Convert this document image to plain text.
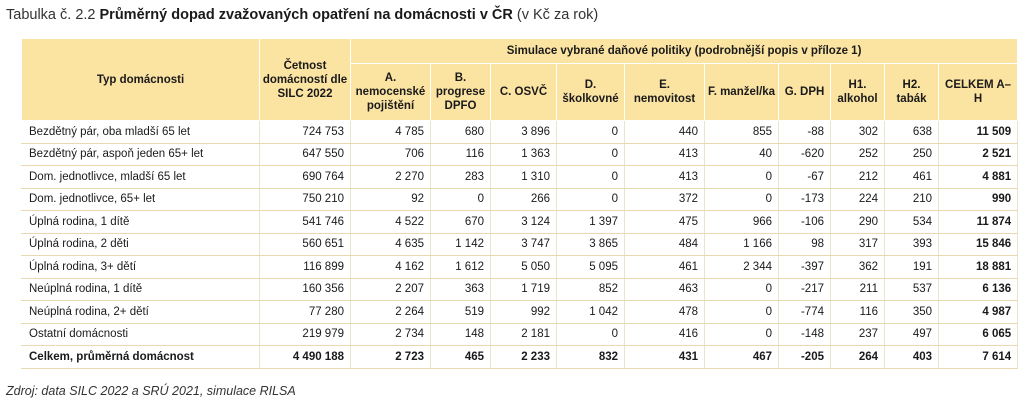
Tabulka č. 2.2 Průměrný dopad zvažovaných opatření na domácnosti v ČR (v Kč za rok)
Typ domácnosti	Četnost domácností dle SILC 2022	Simulace vybrané daňové politiky (podrobnější popis v příloze 1)									
		A. nemocenské pojištění	B. progrese DPFO	C. OSVČ	D. školkovné	E. nemovitost	F. manžel/ka	G. DPH	H1. alkohol	H2. tabák	CELKEM A–H
Bezdětný pár, oba mladší 65 let	724 753	4 785	680	3 896	0	440	855	-88	302	638	11 509
Bezdětný pár, aspoň jeden 65+ let	647 550	706	116	1 363	0	413	40	-620	252	250	2 521
Dom. jednotlivce, mladší 65 let	690 764	2 270	283	1 310	0	413	0	-67	212	461	4 881
Dom. jednotlivce, 65+ let	750 210	92	0	266	0	372	0	-173	224	210	990
Úplná rodina, 1 dítě	541 746	4 522	670	3 124	1 397	475	966	-106	290	534	11 874
Úplná rodina, 2 děti	560 651	4 635	1 142	3 747	3 865	484	1 166	98	317	393	15 846
Úplná rodina, 3+ dětí	116 899	4 162	1 612	5 050	5 095	461	2 344	-397	362	191	18 881
Neúplná rodina, 1 dítě	160 356	2 207	363	1 719	852	463	0	-217	211	537	6 136
Neúplná rodina, 2+ dětí	77 280	2 264	519	992	1 042	478	0	-774	116	350	4 987
Ostatní domácnosti	219 979	2 734	148	2 181	0	416	0	-148	237	497	6 065
Celkem, průměrná domácnost	4 490 188	2 723	465	2 233	832	431	467	-205	264	403	7 614
Zdroj: data SILC 2022 a SRÚ 2021, simulace RILSA
